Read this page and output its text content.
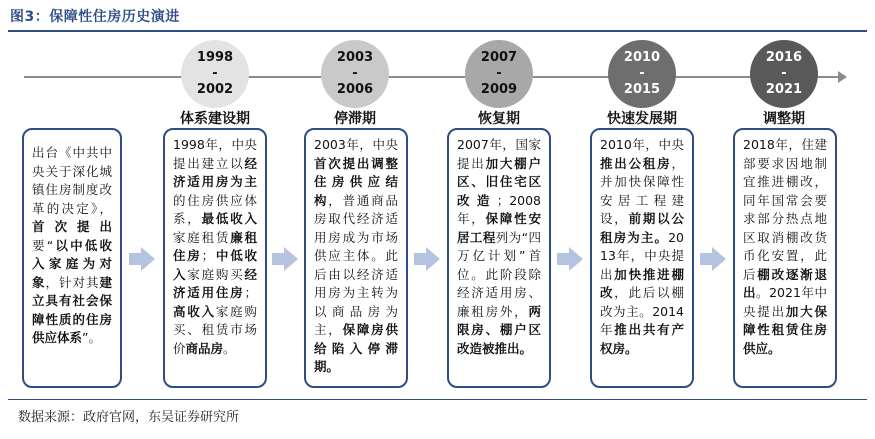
图3：保障性住房历史演进
1998
-
2002
2003
-
2006
2007
-
2009
2010
-
2015
2016
-
2021
体系建设期	停滞期	恢复期	快速发展期	调整期
出台《中共中央关于深化城镇住房制度改革的决定》，首次提出要“以中低收入家庭为对象，针对其建立具有社会保障性质的住房供应体系”。
1998年，中央提出建立以经济适用房为主的住房供应体系，最低收入家庭租赁廉租住房；中低收入家庭购买经济适用住房；高收入家庭购买、租赁市场价商品房。
2003年，中央首次提出调整住房供应结构，普通商品房取代经济适用房成为市场供应主体。此后由以经济适用房为主转为以商品房为主，保障房供给陷入停滞期。
2007年，国家提出加大棚户区、旧住宅区改造；2008年，保障性安居工程列为“四万亿计划”首位。此阶段除经济适用房、廉租房外，两限房、棚户区改造被推出。
2010年，中央推出公租房，并加快保障性安居工程建设，前期以公租房为主。2013年，中央提出加快推进棚改，此后以棚改为主。2014年推出共有产权房。
2018年，住建部要求因地制宜推进棚改，同年国常会要求部分热点地区取消棚改货币化安置，此后棚改逐渐退出。2021年中央提出加大保障性租赁住房供应。
数据来源：政府官网，东吴证券研究所
